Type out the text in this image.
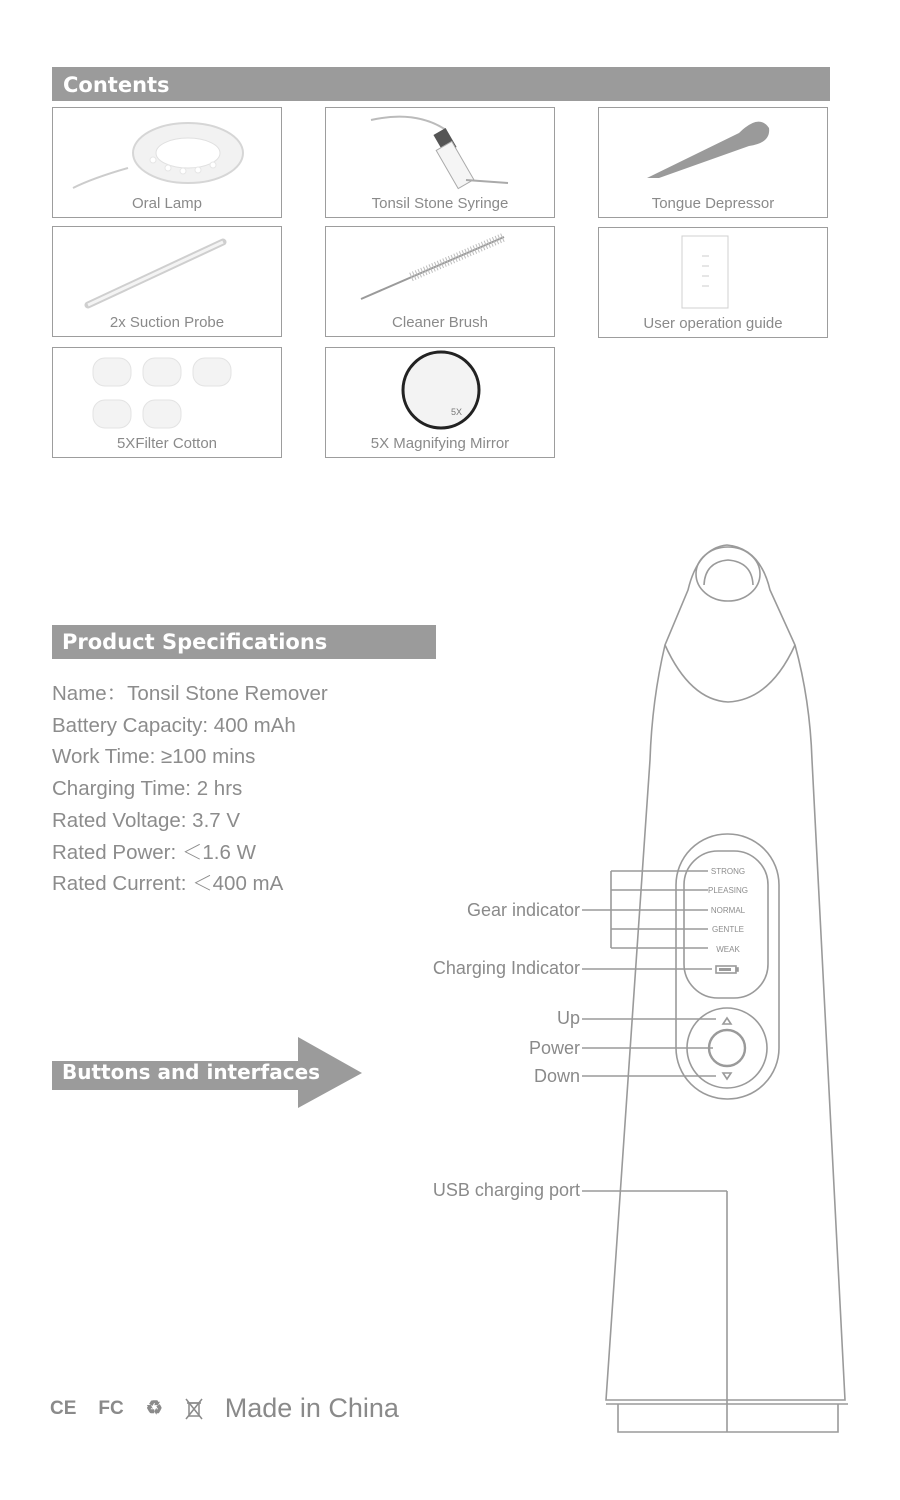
Contents
Oral Lamp	Tonsil Stone Syringe	Tongue Depressor
2x Suction Probe	Cleaner Brush	User operation guide
5XFilter Cotton
5X
5X Magnifying Mirror
Product Specifications
Name：Tonsil Stone Remover
Battery Capacity: 400 mAh
Work Time: ≥100 mins
Charging Time: 2 hrs
Rated Voltage: 3.7 V
Rated Power: ＜1.6 W
Rated Current: ＜400 mA
Buttons and interfaces
STRONG
PLEASING
NORMAL
GENTLE
WEAK
Gear indicator
Charging Indicator
Up
Power
Down
USB charging port
CE FC ♻ Made in China
